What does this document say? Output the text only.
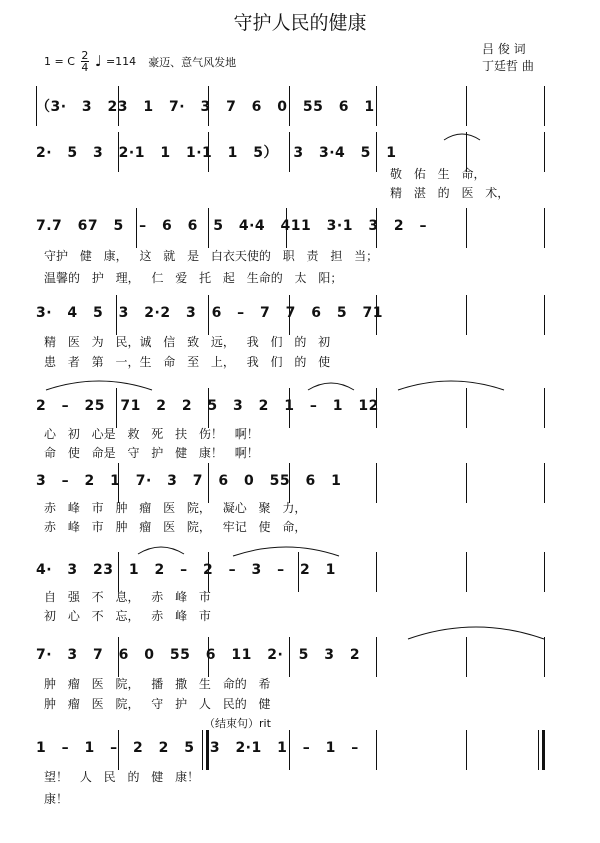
守护人民的健康
1 = C $\frac{2}{4}$ ♩ =114 豪迈、意气风发地
吕 俊 词
丁廷哲 曲
（3· 3 23 1 7· 3 7 6 0 55 6 1
2· 5 3 2·1 1 1·1 1 5） 3 3·4 5 1
敬 佑 生 命，
精 湛 的 医 术，
7.7 67 5 – 6 6 5 4·4 411 3·1 3 2 –
守护 健 康， 这 就 是 白衣天使的 职 责 担 当；
温馨的 护 理， 仁 爱 托 起 生命的 太 阳；
3· 4 5 3 2·2 3 6 – 7 7 6 5 71
精 医 为 民，诚 信 致 远， 我 们 的 初
患 者 第 一，生 命 至 上， 我 们 的 使
2 – 25 71 2 2 5 3 2 1 – 1 12
心 初 心是 救 死 扶 伤！ 啊！
命 使 命是 守 护 健 康！ 啊！
3 – 2 1 7· 3 7 6 0 55 6 1
赤 峰 市 肿 瘤 医 院， 凝心 聚 力，
赤 峰 市 肿 瘤 医 院， 牢记 使 命，
4· 3 23 1 2 – 2 – 3 – 2 1
自 强 不 息， 赤 峰 市
初 心 不 忘， 赤 峰 市
7· 3 7 6 0 55 6 11 2· 5 3 2
肿 瘤 医 院， 播 撒 生 命的 希
肿 瘤 医 院， 守 护 人 民的 健
（结束句）rit
1 – 1 – 2 2 5 3 2·1 1 – 1 –
望！ 人 民 的 健 康！
康！
